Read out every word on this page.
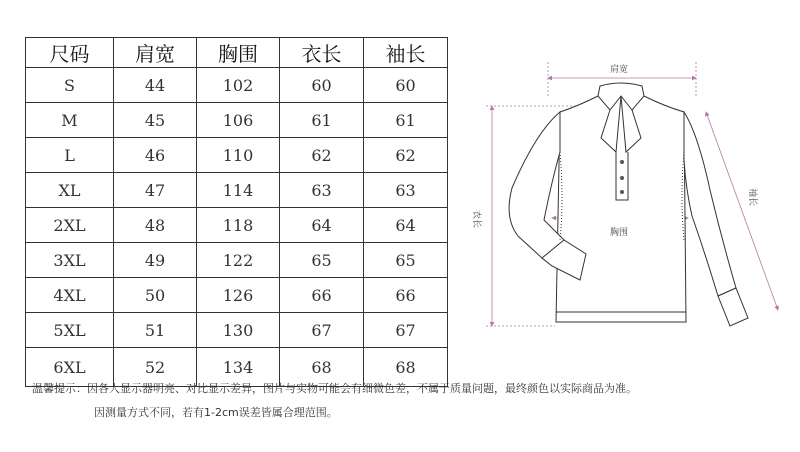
尺码	肩宽	胸围	衣长	袖长
S	44	102	60	60
M	45	106	61	61
L	46	110	62	62
XL	47	114	63	63
2XL	48	118	64	64
3XL	49	122	65	65
4XL	50	126	66	66
5XL	51	130	67	67
6XL	52	134	68	68
肩宽
胸围
衣长
袖长
温馨提示：因各人显示器明亮、对比显示差异，图片与实物可能会有细微色差，不属于质量问题，最终颜色以实际商品为准。
因测量方式不同，若有1-2cm误差皆属合理范围。
